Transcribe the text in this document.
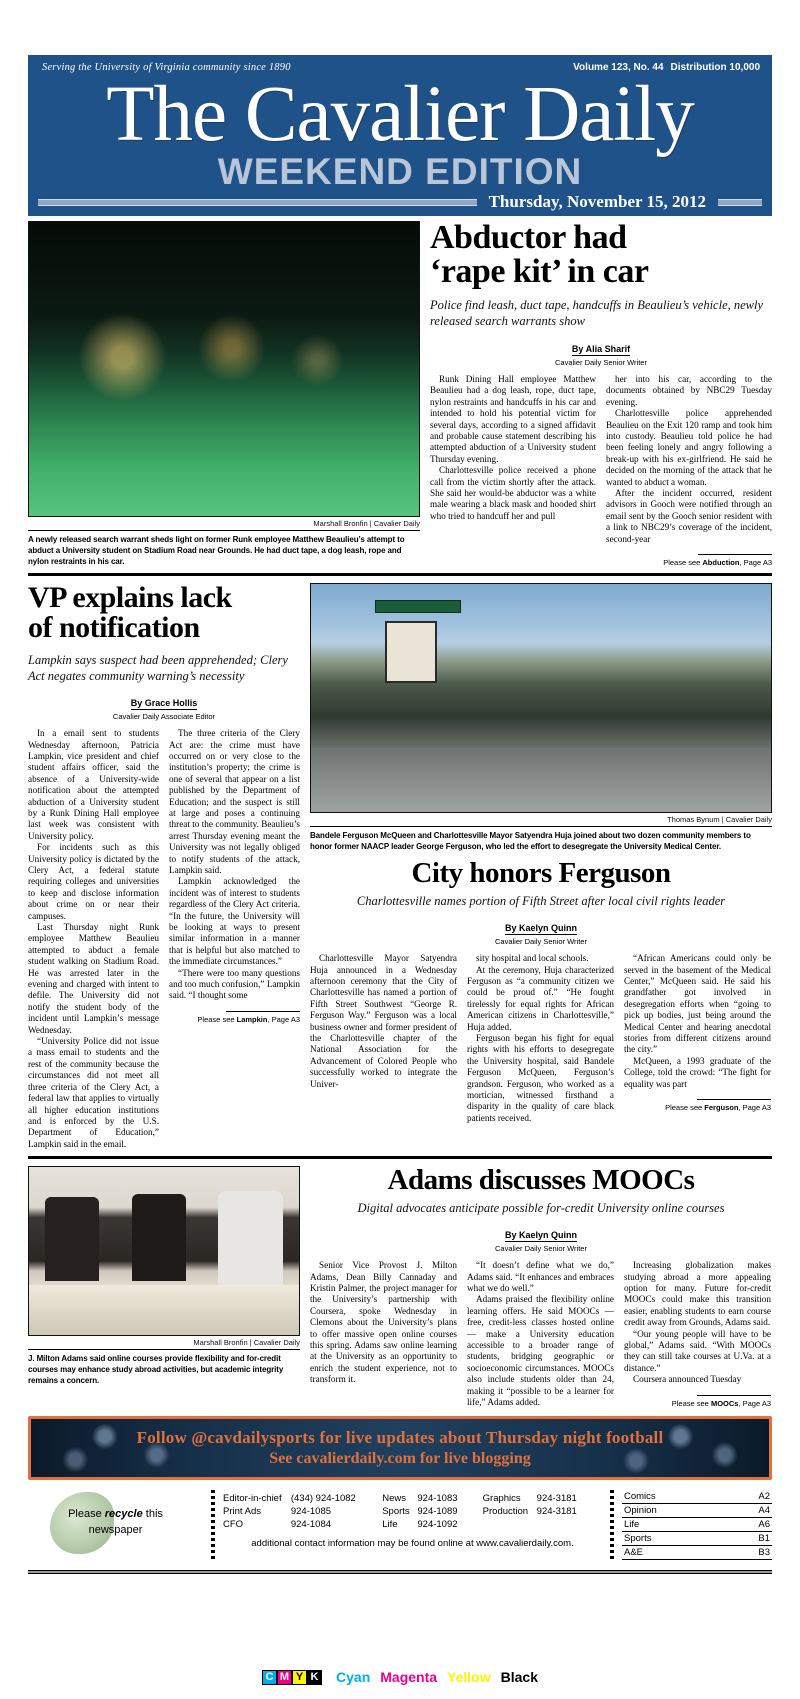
Serving the University of Virginia community since 1890	Volume 123, No. 44 Distribution 10,000
The Cavalier Daily
WEEKEND EDITION
Thursday, November 15, 2012
Marshall Bronfin | Cavalier Daily
A newly released search warrant sheds light on former Runk employee Matthew Beaulieu’s attempt to abduct a University student on Stadium Road near Grounds. He had duct tape, a dog leash, rope and nylon restraints in his car.
Abductor had
‘rape kit’ in car
Police find leash, duct tape, handcuffs in Beaulieu’s vehicle, newly released search warrants show
By Alia Sharif
Cavalier Daily Senior Writer

Runk Dining Hall employee Matthew Beaulieu had a dog leash, rope, duct tape, nylon restraints and handcuffs in his car and intended to hold his potential victim for several days, according to a signed affidavit and probable cause statement describing his attempted abduction of a University student Thursday evening.

Charlottesville police received a phone call from the victim shortly after the attack. She said her would-be abductor was a white male wearing a black mask and hooded shirt who tried to handcuff her and pull

her into his car, according to the documents obtained by NBC29 Tuesday evening.

Charlottesville police apprehended Beaulieu on the Exit 120 ramp and took him into custody. Beaulieu told police he had been feeling lonely and angry following a break-up with his ex-girlfriend. He said he decided on the morning of the attack that he wanted to abduct a woman.

After the incident occurred, resident advisors in Gooch were notified through an email sent by the Gooch senior resident with a link to NBC29’s coverage of the incident, second-year

Please see Abduction, Page A3
VP explains lack
of notification
Lampkin says suspect had been apprehended; Clery Act negates community warning’s necessity
By Grace Hollis
Cavalier Daily Associate Editor

In a email sent to students Wednesday afternoon, Patricia Lampkin, vice president and chief student affairs officer, said the absence of a University-wide notification about the attempted abduction of a University student by a Runk Dining Hall employee last week was consistent with University policy.

For incidents such as this University policy is dictated by the Clery Act, a federal statute requiring colleges and universities to keep and disclose information about crime on or near their campuses.

Last Thursday night Runk employee Matthew Beaulieu attempted to abduct a female student walking on Stadium Road. He was arrested later in the evening and charged with intent to defile. The University did not notify the student body of the incident until Lampkin’s message Wednesday.

“University Police did not issue a mass email to students and the rest of the community because the circumstances did not meet all three criteria of the Clery Act, a federal law that applies to virtually all higher education institutions and is enforced by the U.S. Department of Education,” Lampkin said in the email.

The three criteria of the Clery Act are: the crime must have occurred on or very close to the institution’s property; the crime is one of several that appear on a list published by the Department of Education; and the suspect is still at large and poses a continuing threat to the community. Beaulieu’s arrest Thursday evening meant the University was not legally obliged to notify students of the attack, Lampkin said.

Lampkin acknowledged the incident was of interest to students regardless of the Clery Act criteria. “In the future, the University will be looking at ways to present similar information in a manner that is helpful but also matched to the immediate circumstances.”

“There were too many questions and too much confusion,” Lampkin said. “I thought some

Please see Lampkin, Page A3
Thomas Bynum | Cavalier Daily
Bandele Ferguson McQueen and Charlottesville Mayor Satyendra Huja joined about two dozen community members to honor former NAACP leader George Ferguson, who led the effort to desegregate the University Medical Center.
City honors Ferguson
Charlottesville names portion of Fifth Street after local civil rights leader
By Kaelyn Quinn
Cavalier Daily Senior Writer

Charlottesville Mayor Satyendra Huja announced in a Wednesday afternoon ceremony that the City of Charlottesville has named a portion of Fifth Street Southwest “George R. Ferguson Way.” Ferguson was a local business owner and former president of the Charlottesville chapter of the National Association for the Advancement of Colored People who successfully worked to integrate the Univer-

sity hospital and local schools.

At the ceremony, Huja characterized Ferguson as “a community citizen we could be proud of.” “He fought tirelessly for equal rights for African American citizens in Charlottesville,” Huja added.

Ferguson began his fight for equal rights with his efforts to desegregate the University hospital, said Bandele Ferguson McQueen, Ferguson’s grandson. Ferguson, who worked as a mortician, witnessed firsthand a disparity in the quality of care black patients received.

“African Americans could only be served in the basement of the Medical Center,” McQueen said. He said his grandfather got involved in desegregation efforts when “going to pick up bodies, just being around the Medical Center and hearing anecdotal stories from different citizens around the city.”

McQueen, a 1993 graduate of the College, told the crowd: “The fight for equality was part

Please see Ferguson, Page A3
Marshall Bronfin | Cavalier Daily
J. Milton Adams said online courses provide flexibility and for-credit courses may enhance study abroad activities, but academic integrity remains a concern.
Adams discusses MOOCs
Digital advocates anticipate possible for-credit University online courses
By Kaelyn Quinn
Cavalier Daily Senior Writer

Senior Vice Provost J. Milton Adams, Dean Billy Cannaday and Kristin Palmer, the project manager for the University’s partnership with Coursera, spoke Wednesday in Clemons about the University’s plans to offer massive open online courses this spring. Adams saw online learning at the University as an opportunity to enrich the student experience, not to transform it.

“It doesn’t define what we do,” Adams said. “It enhances and embraces what we do well.”

Adams praised the flexibility online learning offers. He said MOOCs — free, credit-less classes hosted online — make a University education accessible to a broader range of students, bridging geographic or socioeconomic circumstances. MOOCs also include students older than 24, making it “possible to be a learner for life,” Adams added.

Increasing globalization makes studying abroad a more appealing option for many. Future for-credit MOOCs could make this transition easier, enabling students to earn course credit away from Grounds, Adams said.

“Our young people will have to be global,” Adams said. “With MOOCs they can still take courses at U.Va. at a distance.”

Coursera announced Tuesday

Please see MOOCs, Page A3
Follow @cavdailysports for live updates about Thursday night football
See cavalierdaily.com for live blogging
Please recycle this
newspaper
Editor-in-chief	(434) 924-1082	News	924-1083	Graphics	924-3181
Print Ads	924-1085	Sports	924-1089	Production	924-3181
CFO	924-1084	Life	924-1092		
additional contact information may be found online at www.cavalierdaily.com.
Comics	A2
Opinion	A4
Life	A6
Sports	B1
A&E	B3
C M Y K Cyan Magenta Yellow Black
